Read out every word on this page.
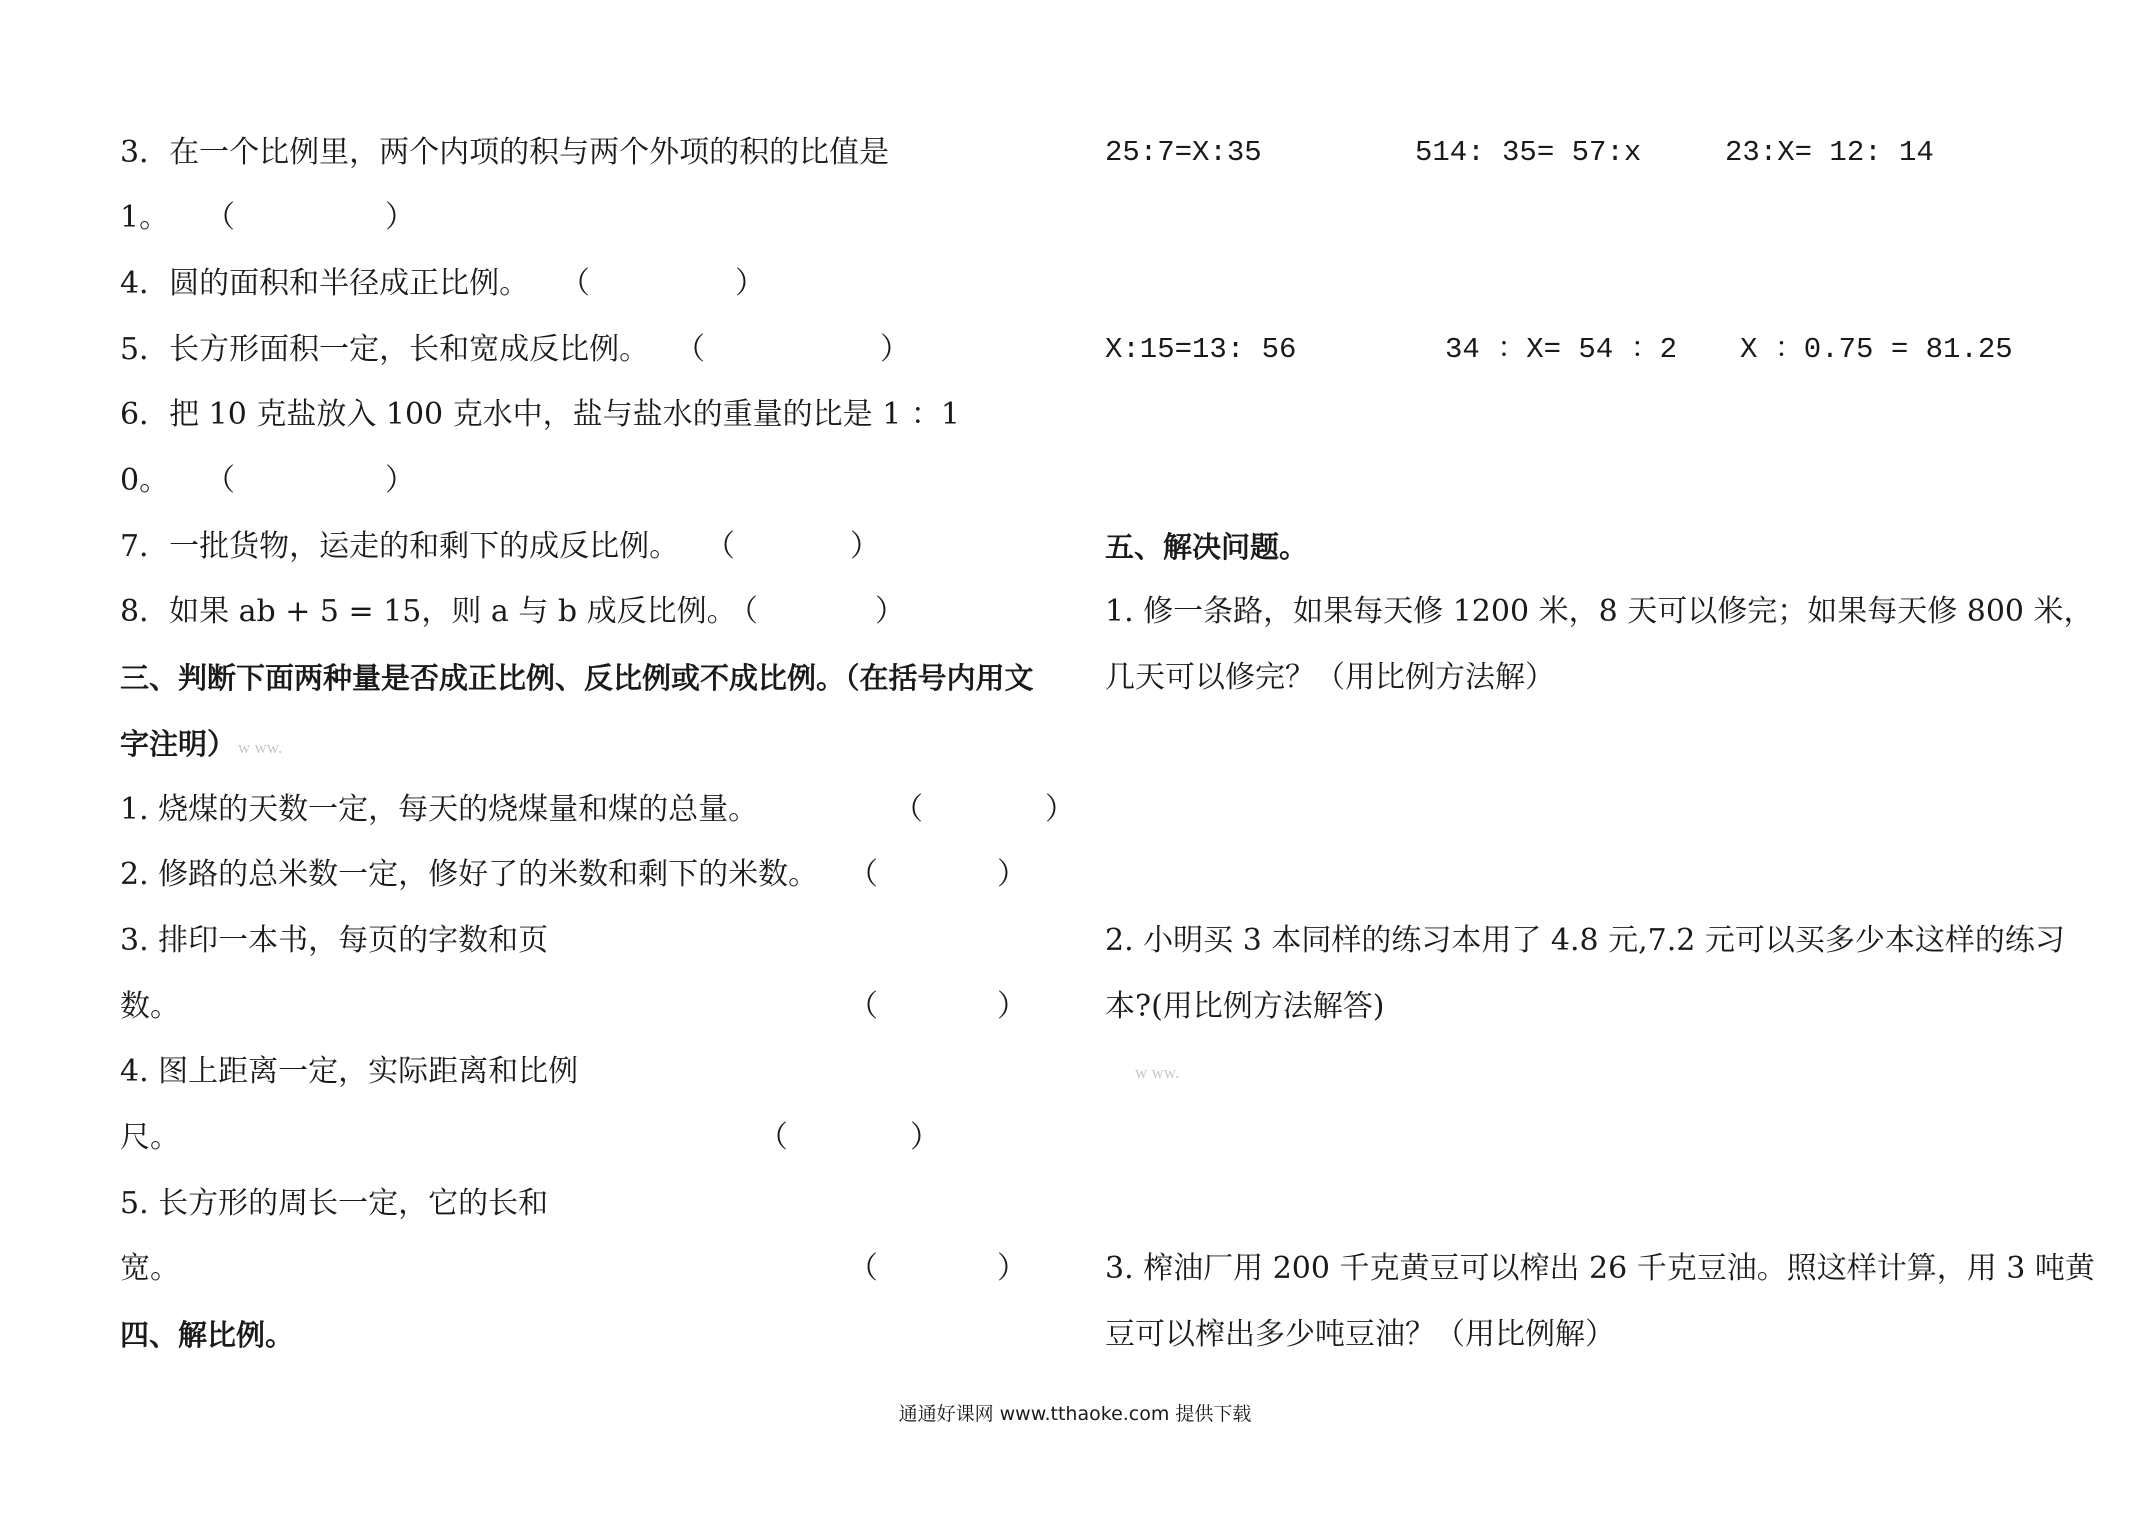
3．在一个比例里，两个内项的积与两个外项的积的比值是
1。 （	）
4．圆的面积和半径成正比例。 （	）
5．长方形面积一定，长和宽成反比例。 （	）
6．把 10 克盐放入 100 克水中，盐与盐水的重量的比是 1 ：1
0。 （	）
7．一批货物，运走的和剩下的成反比例。 （	）
8．如果 ab + 5 = 15，则 a 与 b 成反比例。
（	）
三、判断下面两种量是否成正比例、反比例或不成比例。（在括号内用文
字注明） w ww.
1. 烧煤的天数一定，每天的烧煤量和煤的总量。	（	）
2. 修路的总米数一定，修好了的米数和剩下的米数。 （	）
3. 排印一本书，每页的字数和页
数。	（	）
4. 图上距离一定，实际距离和比例
尺。	（	）
5. 长方形的周长一定，它的长和
宽。	（	）
四、解比例。
25:7=X:35	514: 35= 57:x	23:X= 12: 14
X:15=13: 56	34 ：X= 54 ：2 X ：0.75 = 81.25
五、解决问题。
1. 修一条路，如果每天修 1200 米，8 天可以修完；如果每天修 800 米，
几天可以修完？（用比例方法解）
2. 小明买 3 本同样的练习本用了 4.8 元,7.2 元可以买多少本这样的练习
本?(用比例方法解答)
w ww.
3. 榨油厂用 200 千克黄豆可以榨出 26 千克豆油。照这样计算，用 3 吨黄
豆可以榨出多少吨豆油？（用比例解）
通通好课网 www.tthaoke.com 提供下载
